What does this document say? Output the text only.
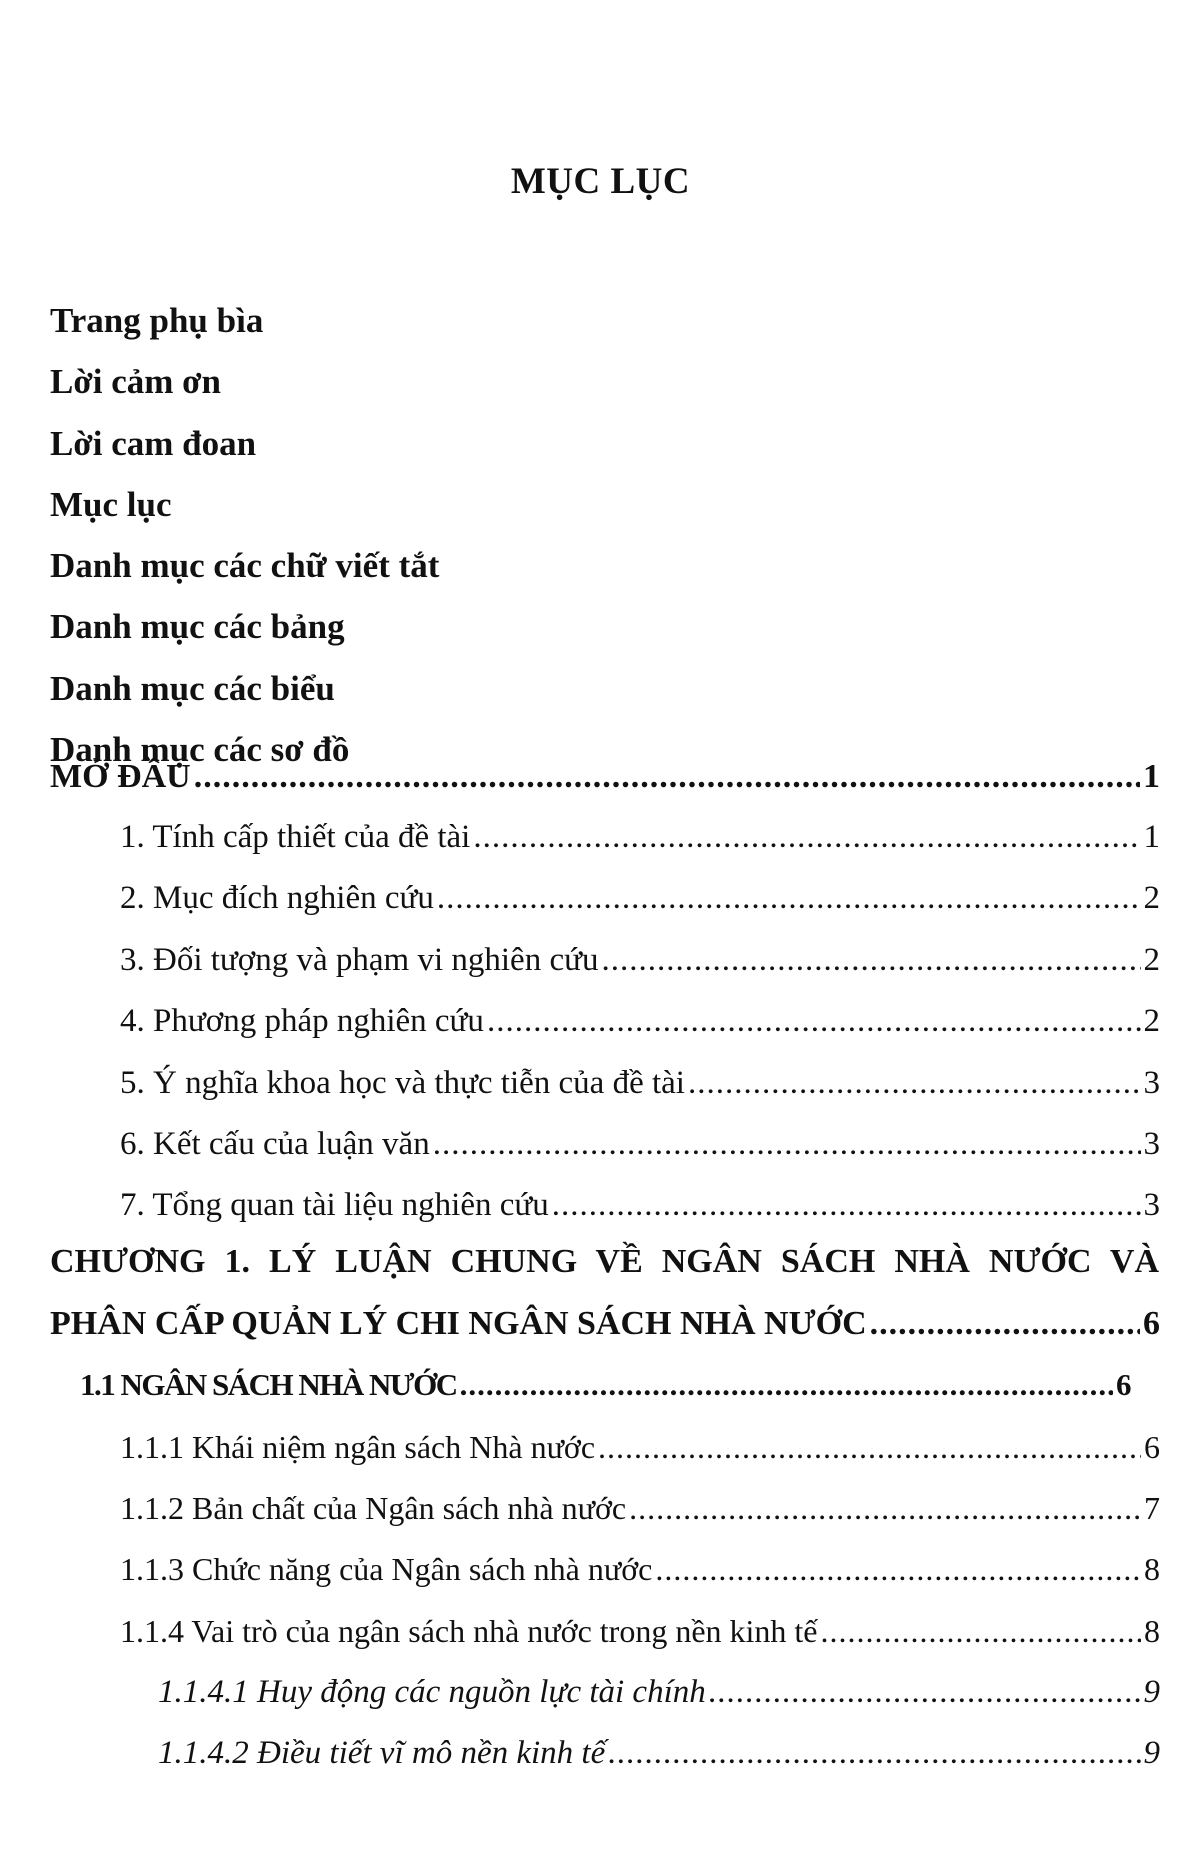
MỤC LỤC
Trang phụ bìa
Lời cảm ơn
Lời cam đoan
Mục lục
Danh mục các chữ viết tắt
Danh mục các bảng
Danh mục các biểu
Danh mục các sơ đồ
MỞ ĐẦU .....	1
1. Tính cấp thiết của đề tài .....	1
2. Mục đích nghiên cứu .....	2
3. Đối tượng và phạm vi nghiên cứu .....	2
4. Phương pháp nghiên cứu .....	2
5. Ý nghĩa khoa học và thực tiễn của đề tài .....	3
6. Kết cấu của luận văn .....	3
7. Tổng quan tài liệu nghiên cứu .....	3
CHƯƠNG 1. LÝ LUẬN CHUNG VỀ NGÂN SÁCH NHÀ NƯỚC VÀ
PHÂN CẤP QUẢN LÝ CHI NGÂN SÁCH NHÀ NƯỚC .....	6
1.1 NGÂN SÁCH NHÀ NƯỚC .....	6
1.1.1 Khái niệm ngân sách Nhà nước .....	6
1.1.2 Bản chất của Ngân sách nhà nước .....	7
1.1.3 Chức năng của Ngân sách nhà nước .....	8
1.1.4 Vai trò của ngân sách nhà nước trong nền kinh tế .....	8
1.1.4.1 Huy động các nguồn lực tài chính .....	9
1.1.4.2 Điều tiết vĩ mô nền kinh tế .....	9
